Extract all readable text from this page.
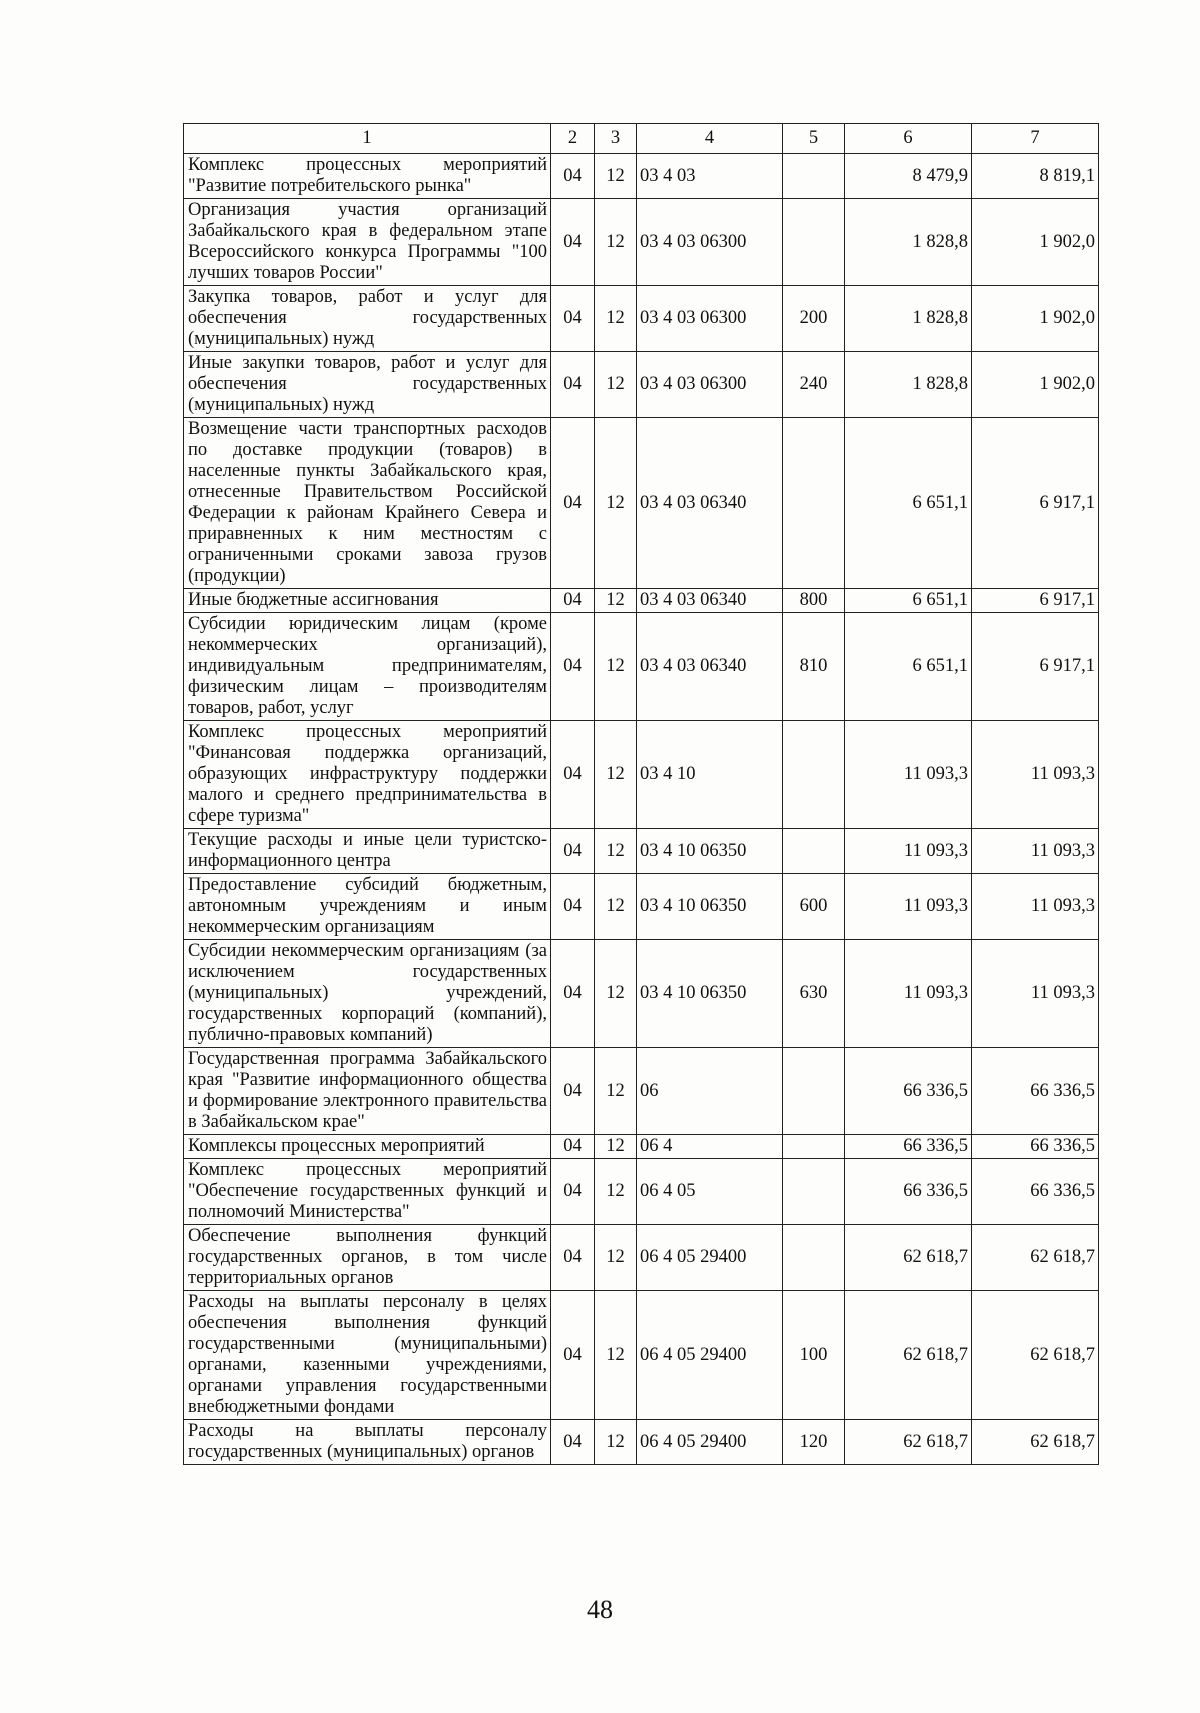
1	2	3	4	5	6	7
Комплекс процессных мероприятий "Развитие потребительского рынка"	04	12	03 4 03		8 479,9	8 819,1
Организация участия организаций Забайкальского края в федеральном этапе Всероссийского конкурса Программы "100 лучших товаров России"	04	12	03 4 03 06300		1 828,8	1 902,0
Закупка товаров, работ и услуг для обеспечения государственных (муниципальных) нужд	04	12	03 4 03 06300	200	1 828,8	1 902,0
Иные закупки товаров, работ и услуг для обеспечения государственных (муниципальных) нужд	04	12	03 4 03 06300	240	1 828,8	1 902,0
Возмещение части транспортных расходов по доставке продукции (товаров) в населенные пункты Забайкальского края, отнесенные Правительством Российской Федерации к районам Крайнего Севера и приравненных к ним местностям с ограниченными сроками завоза грузов (продукции)	04	12	03 4 03 06340		6 651,1	6 917,1
Иные бюджетные ассигнования	04	12	03 4 03 06340	800	6 651,1	6 917,1
Субсидии юридическим лицам (кроме некоммерческих организаций), индивидуальным предпринимателям, физическим лицам – производителям товаров, работ, услуг	04	12	03 4 03 06340	810	6 651,1	6 917,1
Комплекс процессных мероприятий "Финансовая поддержка организаций, образующих инфраструктуру поддержки малого и среднего предпринимательства в сфере туризма"	04	12	03 4 10		11 093,3	11 093,3
Текущие расходы и иные цели туристско-информационного центра	04	12	03 4 10 06350		11 093,3	11 093,3
Предоставление субсидий бюджетным, автономным учреждениям и иным некоммерческим организациям	04	12	03 4 10 06350	600	11 093,3	11 093,3
Субсидии некоммерческим организациям (за исключением государственных (муниципальных) учреждений, государственных корпораций (компаний), публично-правовых компаний)	04	12	03 4 10 06350	630	11 093,3	11 093,3
Государственная программа Забайкальского края "Развитие информационного общества и формирование электронного правительства в Забайкальском крае"	04	12	06		66 336,5	66 336,5
Комплексы процессных мероприятий	04	12	06 4		66 336,5	66 336,5
Комплекс процессных мероприятий "Обеспечение государственных функций и полномочий Министерства"	04	12	06 4 05		66 336,5	66 336,5
Обеспечение выполнения функций государственных органов, в том числе территориальных органов	04	12	06 4 05 29400		62 618,7	62 618,7
Расходы на выплаты персоналу в целях обеспечения выполнения функций государственными (муниципальными) органами, казенными учреждениями, органами управления государственными внебюджетными фондами	04	12	06 4 05 29400	100	62 618,7	62 618,7
Расходы на выплаты персоналу государственных (муниципальных) органов	04	12	06 4 05 29400	120	62 618,7	62 618,7
48
